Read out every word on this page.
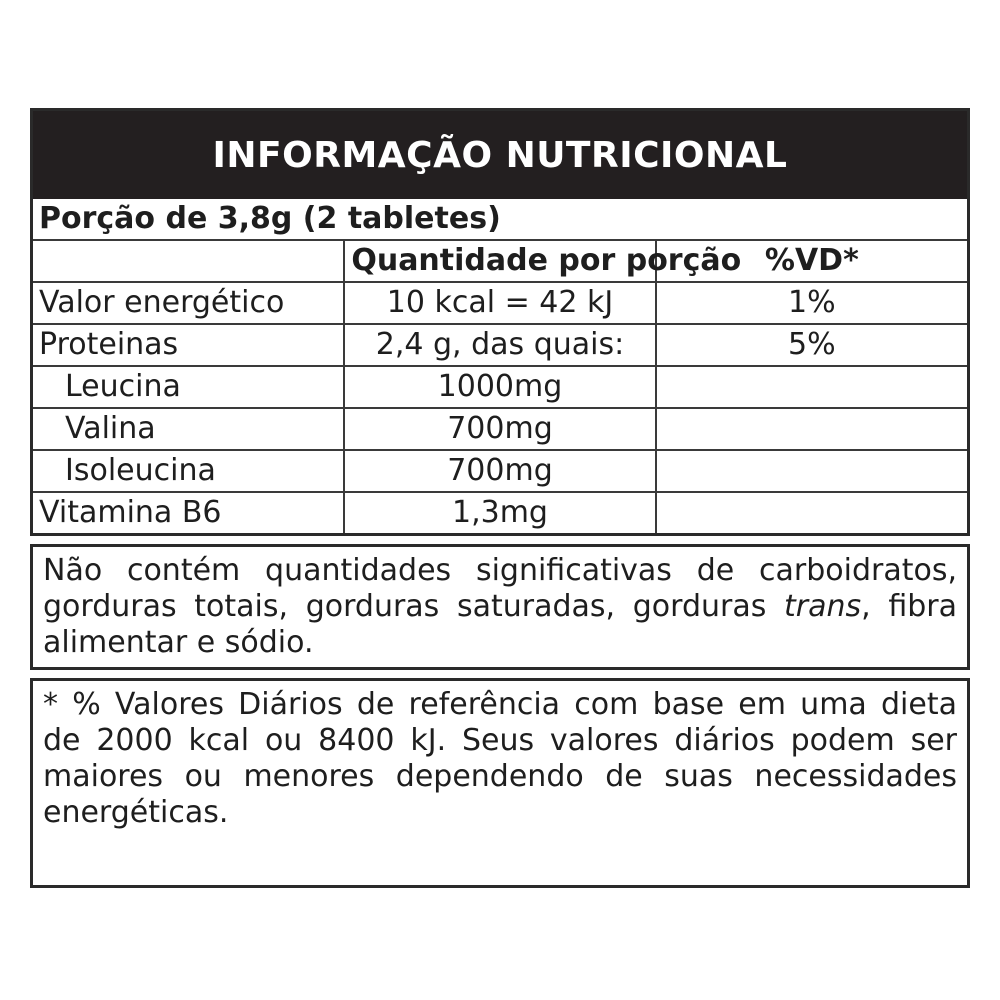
INFORMAÇÃO NUTRICIONAL
Porção de 3,8g (2 tabletes)		
	Quantidade por porção	%VD*
Valor energético	10 kcal = 42 kJ	1%
Proteinas	2,4 g, das quais:	5%
Leucina	1000mg	
Valina	700mg	
Isoleucina	700mg	
Vitamina B6	1,3mg	
Não contém quantidades significativas de carboidratos, gorduras totais, gorduras saturadas, gorduras trans, fibra alimentar e sódio.
* % Valores Diários de referência com base em uma dieta de 2000 kcal ou 8400 kJ. Seus valores diários podem ser maiores ou menores dependendo de suas necessidades energéticas.
